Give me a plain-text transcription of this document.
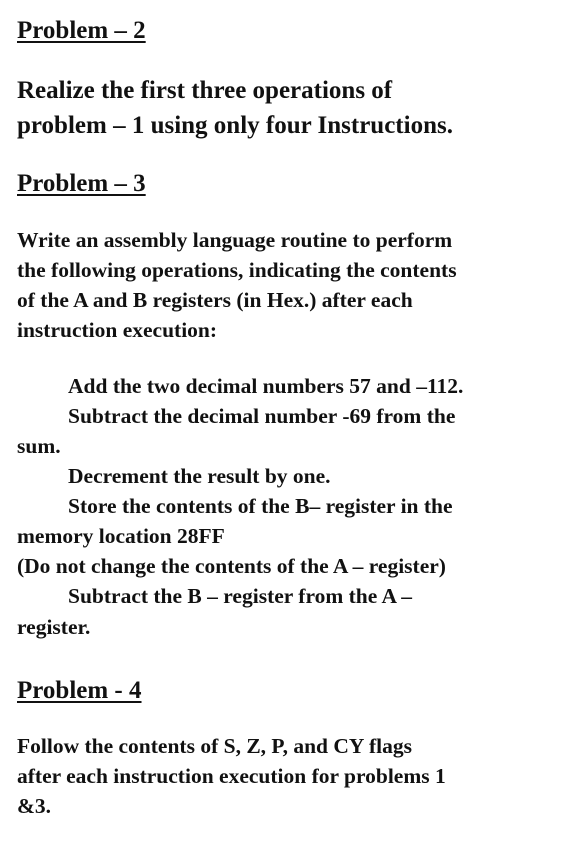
Problem – 2
Realize the first three operations of
problem – 1 using only four Instructions.
Problem – 3
Write an assembly language routine to perform
the following operations, indicating the contents
of the A and B registers (in Hex.) after each
instruction execution:
Add the two decimal numbers 57 and –112.
Subtract the decimal number -69 from the
sum.
Decrement the result by one.
Store the contents of the B– register in the
memory location 28FF
(Do not change the contents of the A – register)
Subtract the B – register from the A –
register.
Problem - 4
Follow the contents of S, Z, P, and CY flags
after each instruction execution for problems 1
&3.
